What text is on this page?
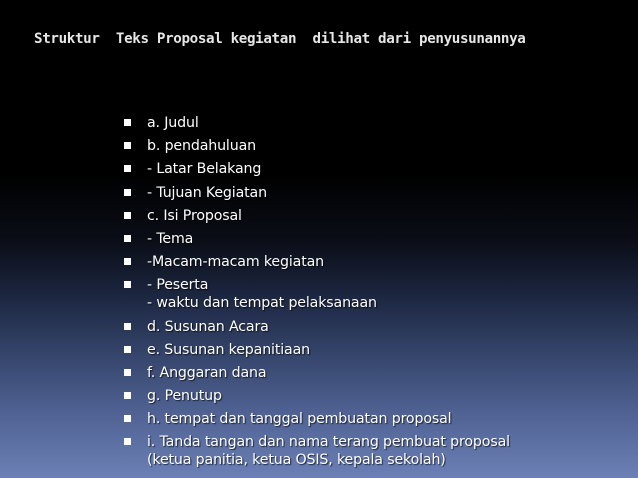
Struktur  Teks Proposal kegiatan  dilihat dari penyusunannya
a. Judul
b. pendahuluan
- Latar Belakang
- Tujuan Kegiatan
c. Isi Proposal
- Tema
-Macam-macam kegiatan
- Peserta
- waktu dan tempat pelaksanaan
d. Susunan Acara
e. Susunan kepanitiaan
f. Anggaran dana
g. Penutup
h. tempat dan tanggal pembuatan proposal
i. Tanda tangan dan nama terang pembuat proposal
(ketua panitia, ketua OSIS, kepala sekolah)
